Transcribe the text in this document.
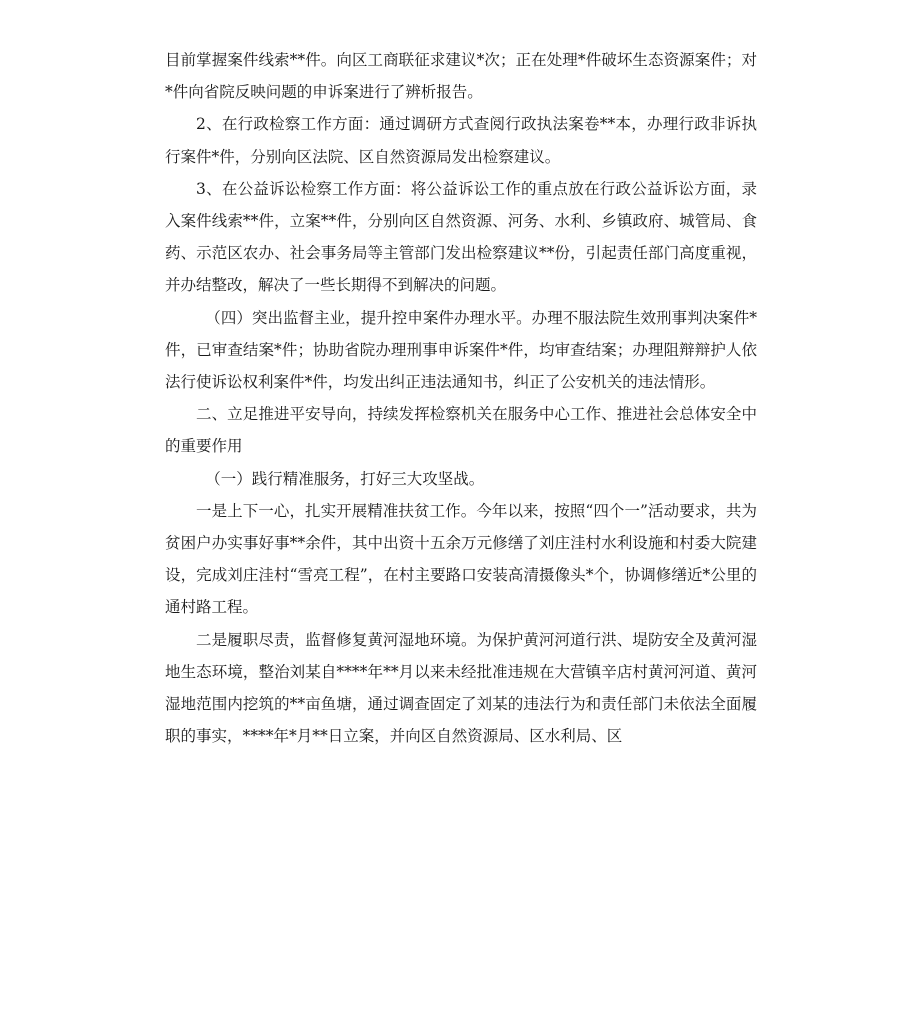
目前掌握案件线索**件。向区工商联征求建议*次；正在处理*件破坏生态资源案件；对*件向省院反映问题的申诉案进行了辨析报告。

2、在行政检察工作方面：通过调研方式查阅行政执法案卷**本，办理行政非诉执行案件*件，分别向区法院、区自然资源局发出检察建议。

3、在公益诉讼检察工作方面：将公益诉讼工作的重点放在行政公益诉讼方面，录入案件线索**件，立案**件，分别向区自然资源、河务、水利、乡镇政府、城管局、食药、示范区农办、社会事务局等主管部门发出检察建议**份，引起责任部门高度重视，并办结整改，解决了一些长期得不到解决的问题。

（四）突出监督主业，提升控申案件办理水平。办理不服法院生效刑事判决案件*件，已审查结案*件；协助省院办理刑事申诉案件*件，均审查结案；办理阻辩辩护人依法行使诉讼权利案件*件，均发出纠正违法通知书，纠正了公安机关的违法情形。

二、立足推进平安导向，持续发挥检察机关在服务中心工作、推进社会总体安全中的重要作用

（一）践行精准服务，打好三大攻坚战。

一是上下一心，扎实开展精准扶贫工作。今年以来，按照“四个一”活动要求，共为贫困户办实事好事**余件，其中出资十五余万元修缮了刘庄洼村水利设施和村委大院建设，完成刘庄洼村“雪亮工程”，在村主要路口安装高清摄像头*个，协调修缮近*公里的通村路工程。

二是履职尽责，监督修复黄河湿地环境。为保护黄河河道行洪、堤防安全及黄河湿地生态环境，整治刘某自****年**月以来未经批准违规在大营镇辛店村黄河河道、黄河湿地范围内挖筑的**亩鱼塘，通过调查固定了刘某的违法行为和责任部门未依法全面履职的事实，****年*月**日立案，并向区自然资源局、区水利局、区
